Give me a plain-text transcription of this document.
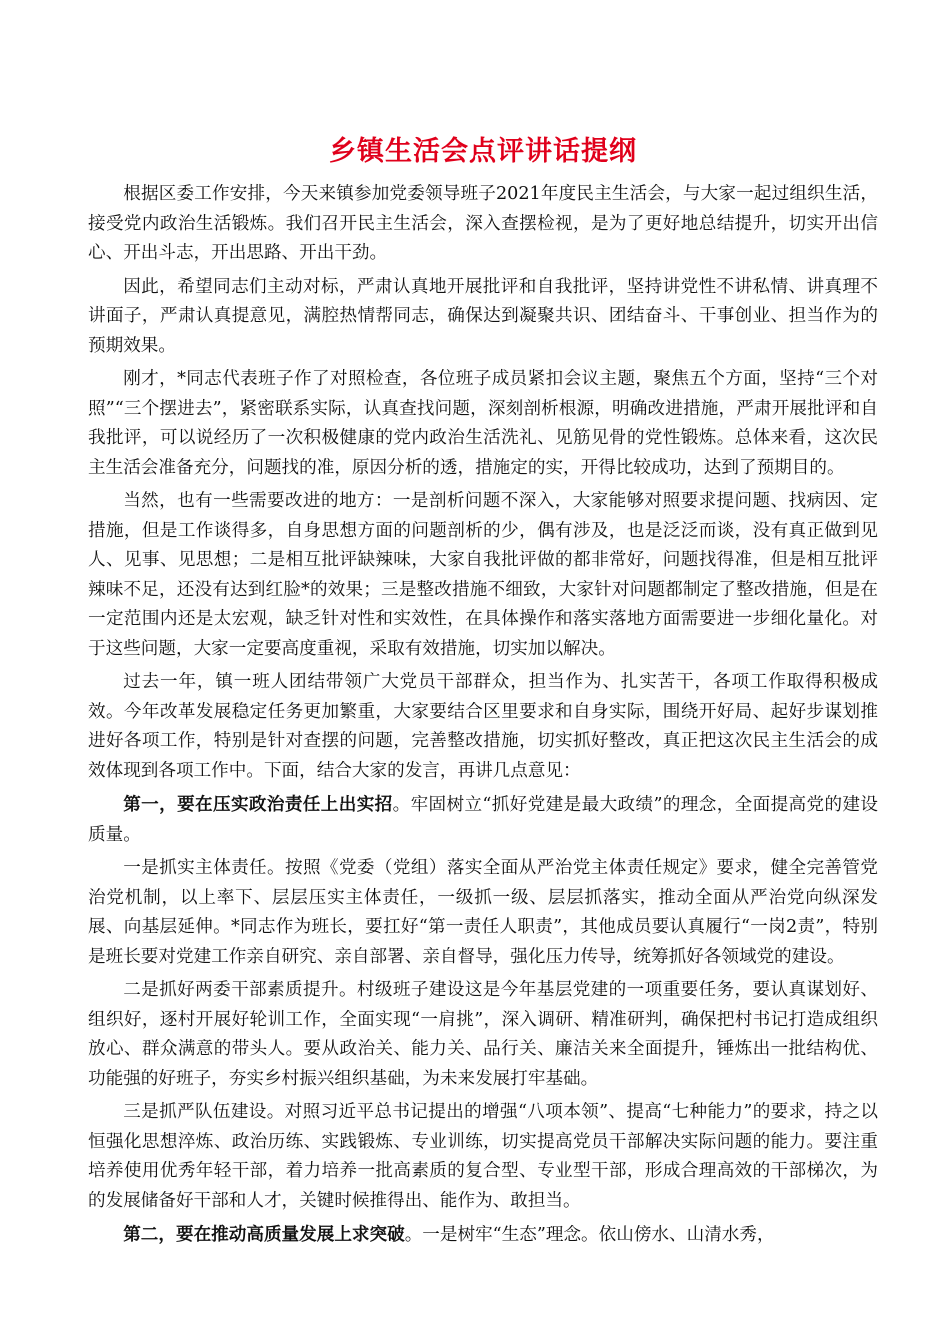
乡镇生活会点评讲话提纲

根据区委工作安排，今天来镇参加党委领导班子2021年度民主生活会，与大家一起过组织生活，接受党内政治生活锻炼。我们召开民主生活会，深入查摆检视，是为了更好地总结提升，切实开出信心、开出斗志，开出思路、开出干劲。

因此，希望同志们主动对标，严肃认真地开展批评和自我批评，坚持讲党性不讲私情、讲真理不讲面子，严肃认真提意见，满腔热情帮同志，确保达到凝聚共识、团结奋斗、干事创业、担当作为的预期效果。

刚才，*同志代表班子作了对照检查，各位班子成员紧扣会议主题，聚焦五个方面，坚持“三个对照”“三个摆进去”，紧密联系实际，认真查找问题，深刻剖析根源，明确改进措施，严肃开展批评和自我批评，可以说经历了一次积极健康的党内政治生活洗礼、见筋见骨的党性锻炼。总体来看，这次民主生活会准备充分，问题找的准，原因分析的透，措施定的实，开得比较成功，达到了预期目的。

当然，也有一些需要改进的地方：一是剖析问题不深入，大家能够对照要求提问题、找病因、定措施，但是工作谈得多，自身思想方面的问题剖析的少，偶有涉及，也是泛泛而谈，没有真正做到见人、见事、见思想；二是相互批评缺辣味，大家自我批评做的都非常好，问题找得准，但是相互批评辣味不足，还没有达到红脸*的效果；三是整改措施不细致，大家针对问题都制定了整改措施，但是在一定范围内还是太宏观，缺乏针对性和实效性，在具体操作和落实落地方面需要进一步细化量化。对于这些问题，大家一定要高度重视，采取有效措施，切实加以解决。

过去一年，镇一班人团结带领广大党员干部群众，担当作为、扎实苦干，各项工作取得积极成效。今年改革发展稳定任务更加繁重，大家要结合区里要求和自身实际，围绕开好局、起好步谋划推进好各项工作，特别是针对查摆的问题，完善整改措施，切实抓好整改，真正把这次民主生活会的成效体现到各项工作中。下面，结合大家的发言，再讲几点意见：

第一，要在压实政治责任上出实招。牢固树立“抓好党建是最大政绩”的理念，全面提高党的建设质量。

一是抓实主体责任。按照《党委（党组）落实全面从严治党主体责任规定》要求，健全完善管党治党机制，以上率下、层层压实主体责任，一级抓一级、层层抓落实，推动全面从严治党向纵深发展、向基层延伸。*同志作为班长，要扛好“第一责任人职责”，其他成员要认真履行“一岗2责”，特别是班长要对党建工作亲自研究、亲自部署、亲自督导，强化压力传导，统筹抓好各领域党的建设。

二是抓好两委干部素质提升。村级班子建设这是今年基层党建的一项重要任务，要认真谋划好、组织好，逐村开展好轮训工作，全面实现“一肩挑”，深入调研、精准研判，确保把村书记打造成组织放心、群众满意的带头人。要从政治关、能力关、品行关、廉洁关来全面提升，锤炼出一批结构优、功能强的好班子，夯实乡村振兴组织基础，为未来发展打牢基础。

三是抓严队伍建设。对照习近平总书记提出的增强“八项本领”、提高“七种能力”的要求，持之以恒强化思想淬炼、政治历练、实践锻炼、专业训练，切实提高党员干部解决实际问题的能力。要注重培养使用优秀年轻干部，着力培养一批高素质的复合型、专业型干部，形成合理高效的干部梯次，为的发展储备好干部和人才，关键时候推得出、能作为、敢担当。

第二，要在推动高质量发展上求突破。一是树牢“生态”理念。依山傍水、山清水秀，
